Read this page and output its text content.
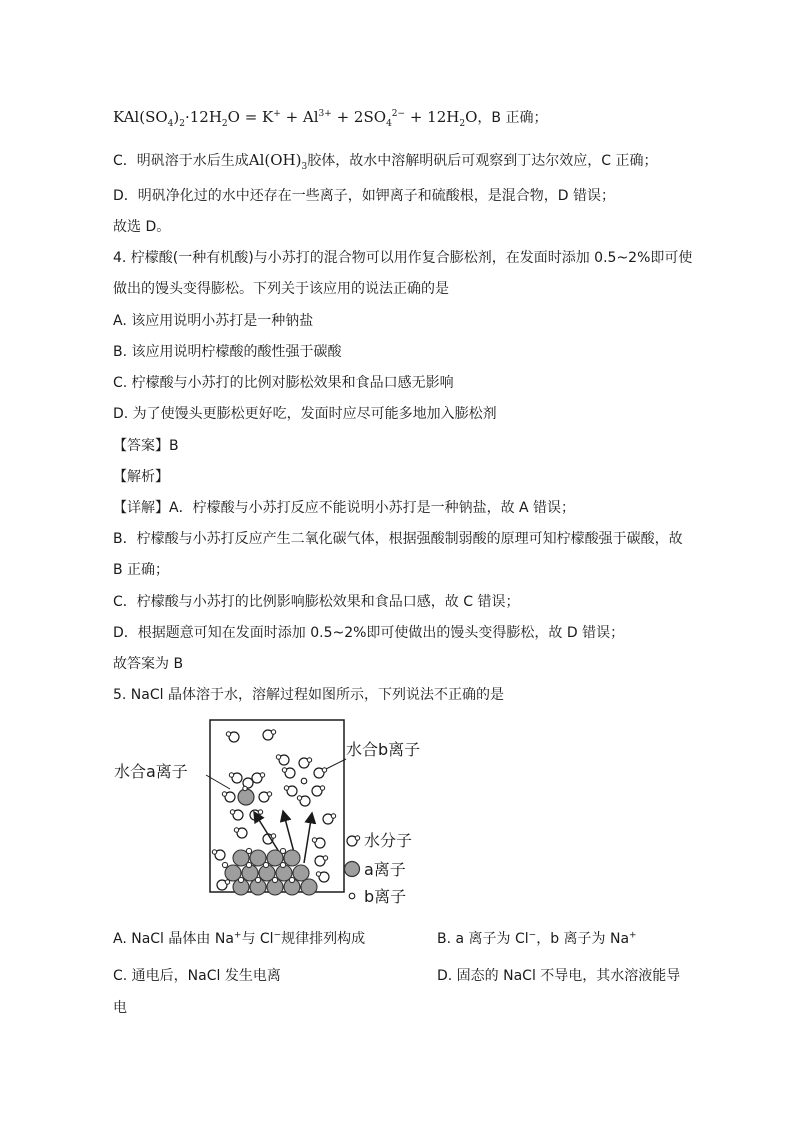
$KAl(SO_4)_2\cdot 12H_2O = K^+ + Al^{3+} + 2SO_4^{2-} + 12H_2O$，B 正确；
C．明矾溶于水后生成$Al(OH)_3$胶体，故水中溶解明矾后可观察到丁达尔效应，C 正确；
D．明矾净化过的水中还存在一些离子，如钾离子和硫酸根，是混合物，D 错误；
故选 D。
4. 柠檬酸(一种有机酸)与小苏打的混合物可以用作复合膨松剂，在发面时添加 0.5~2%即可使
做出的馒头变得膨松。下列关于该应用的说法正确的是
A. 该应用说明小苏打是一种钠盐
B. 该应用说明柠檬酸的酸性强于碳酸
C. 柠檬酸与小苏打的比例对膨松效果和食品口感无影响
D. 为了使馒头更膨松更好吃，发面时应尽可能多地加入膨松剂
【答案】B
【解析】
【详解】A．柠檬酸与小苏打反应不能说明小苏打是一种钠盐，故 A 错误；
B．柠檬酸与小苏打反应产生二氧化碳气体，根据强酸制弱酸的原理可知柠檬酸强于碳酸，故
B 正确；
C．柠檬酸与小苏打的比例影响膨松效果和食品口感，故 C 错误；
D．根据题意可知在发面时添加 0.5~2%即可使做出的馒头变得膨松，故 D 错误；
故答案为 B
5. NaCl 晶体溶于水，溶解过程如图所示，下列说法不正确的是
水合a离子
水合b离子
水分子
a离子
b离子
A. NaCl 晶体由 Na+与 Cl−规律排列构成	B. a 离子为 Cl−，b 离子为 Na+
C. 通电后，NaCl 发生电离	D. 固态的 NaCl 不导电，其水溶液能导
电
